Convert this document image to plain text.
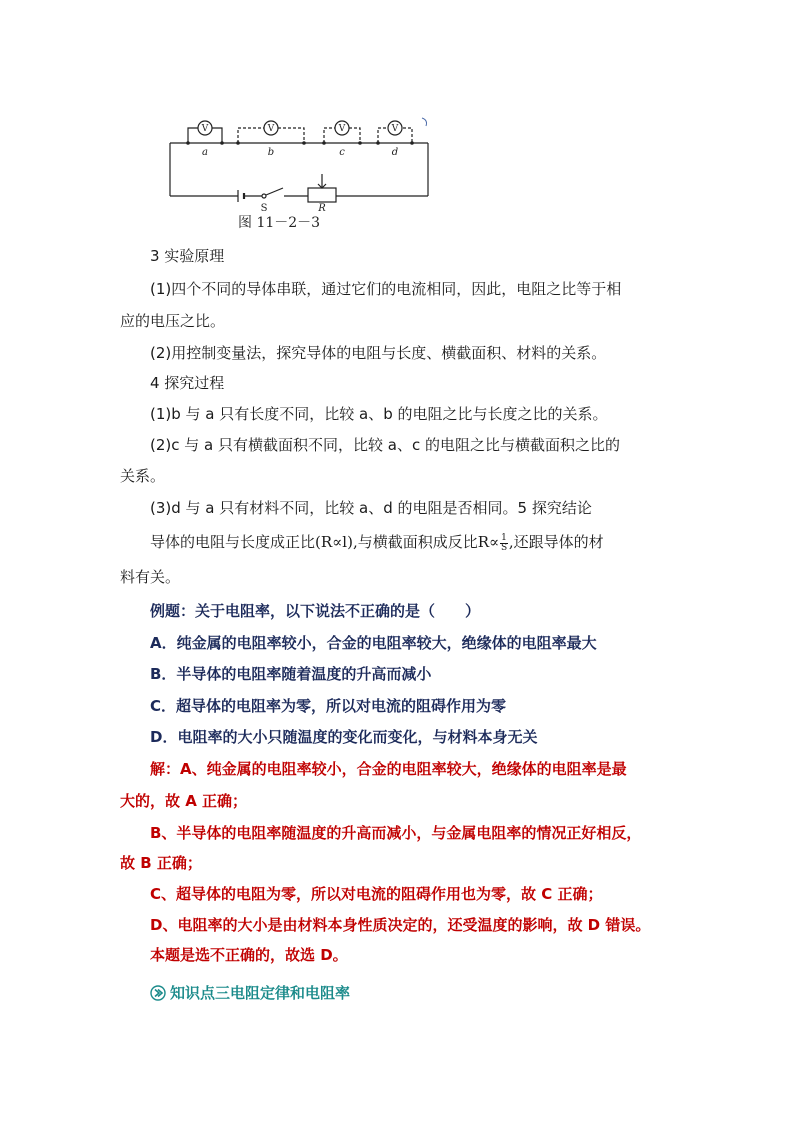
V	V	V	V
a	b	c	d
S	R
图 11－2－3
3 实验原理
(1)四个不同的导体串联，通过它们的电流相同，因此，电阻之比等于相
应的电压之比。
(2)用控制变量法，探究导体的电阻与长度、横截面积、材料的关系。
4 探究过程
(1)b 与 a 只有长度不同，比较 a、b 的电阻之比与长度之比的关系。
(2)c 与 a 只有横截面积不同，比较 a、c 的电阻之比与横截面积之比的
关系。
(3)d 与 a 只有材料不同，比较 a、d 的电阻是否相同。5 探究结论
导体的电阻与长度成正比(R∝l),与横截面积成反比$R\propto \frac{1}{S}$ ,还跟导体的材
料有关。
例题：关于电阻率，以下说法不正确的是（　　）
A．纯金属的电阻率较小，合金的电阻率较大，绝缘体的电阻率最大
B．半导体的电阻率随着温度的升高而减小
C．超导体的电阻率为零，所以对电流的阻碍作用为零
D．电阻率的大小只随温度的变化而变化，与材料本身无关
解：A、纯金属的电阻率较小，合金的电阻率较大，绝缘体的电阻率是最
大的，故 A 正确；
B、半导体的电阻率随温度的升高而减小，与金属电阻率的情况正好相反，
故 B 正确；
C、超导体的电阻为零，所以对电流的阻碍作用也为零，故 C 正确；
D、电阻率的大小是由材料本身性质决定的，还受温度的影响，故 D 错误。
本题是选不正确的，故选 D。
知识点三电阻定律和电阻率
